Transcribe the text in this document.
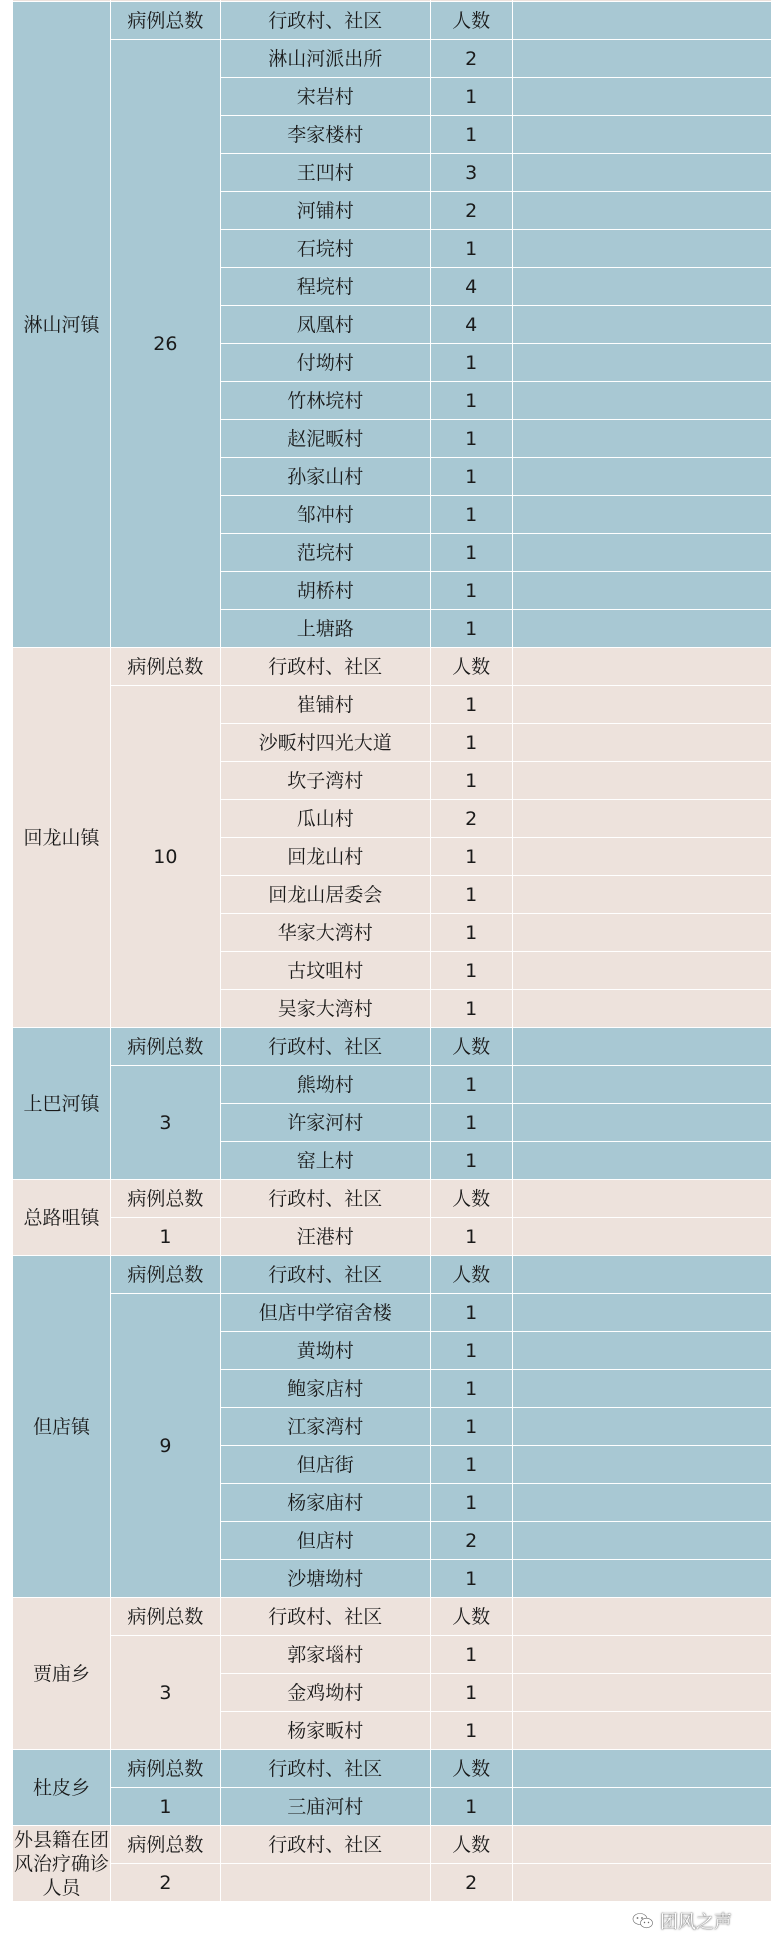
淋山河镇	病例总数	行政村、社区	人数	
	26	淋山河派出所	2	
		宋岩村	1	
		李家楼村	1	
		王凹村	3	
		河铺村	2	
		石垸村	1	
		程垸村	4	
		凤凰村	4	
		付坳村	1	
		竹林垸村	1	
		赵泥畈村	1	
		孙家山村	1	
		邹冲村	1	
		范垸村	1	
		胡桥村	1	
		上塘路	1	
回龙山镇	病例总数	行政村、社区	人数	
	10	崔铺村	1	
		沙畈村四光大道	1	
		坎子湾村	1	
		瓜山村	2	
		回龙山村	1	
		回龙山居委会	1	
		华家大湾村	1	
		古坟咀村	1	
		吴家大湾村	1	
上巴河镇	病例总数	行政村、社区	人数	
	3	熊坳村	1	
		许家河村	1	
		窑上村	1	
总路咀镇	病例总数	行政村、社区	人数	
	1	汪港村	1	
但店镇	病例总数	行政村、社区	人数	
	9	但店中学宿舍楼	1	
		黄坳村	1	
		鲍家店村	1	
		江家湾村	1	
		但店街	1	
		杨家庙村	1	
		但店村	2	
		沙塘坳村	1	
贾庙乡	病例总数	行政村、社区	人数	
	3	郭家堖村	1	
		金鸡坳村	1	
		杨家畈村	1	
杜皮乡	病例总数	行政村、社区	人数	
	1	三庙河村	1	
外县籍在团风治疗确诊人员	病例总数	行政村、社区	人数	
	2		2	
团风之声
